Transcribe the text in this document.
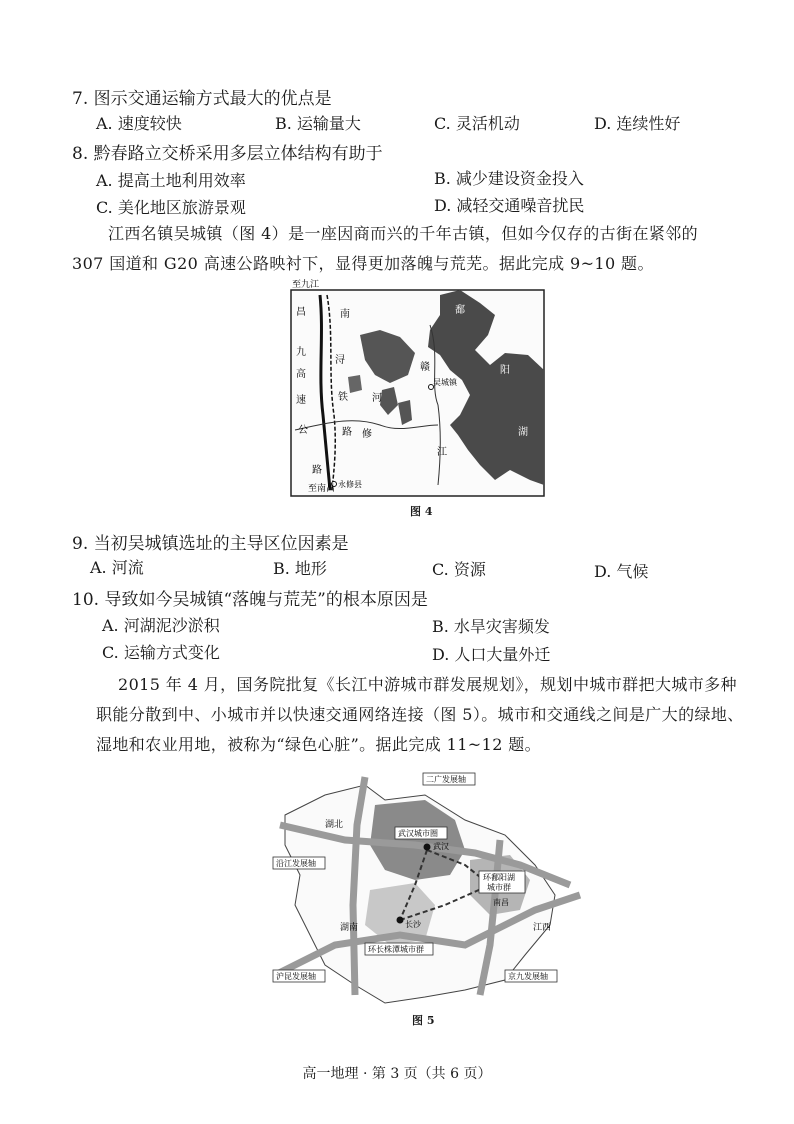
7. 图示交通运输方式最大的优点是
A. 速度较快	B. 运输量大	C. 灵活机动	D. 连续性好
8. 黔春路立交桥采用多层立体结构有助于
A. 提高土地利用效率	B. 减少建设资金投入
C. 美化地区旅游景观	D. 减轻交通噪音扰民
江西名镇吴城镇（图 4）是一座因商而兴的千年古镇，但如今仅存的古街在紧邻的
307 国道和 G20 高速公路映衬下，显得更加落魄与荒芜。据此完成 9~10 题。
至九江
至南昌 永修县
吴城镇
昌
九
高
速
公
路
南
浔
铁
路 修
河
赣
江
鄱
阳
湖
图 4
9. 当初吴城镇选址的主导区位因素是
A. 河流	B. 地形	C. 资源	D. 气候
10. 导致如今吴城镇“落魄与荒芜”的根本原因是
A. 河湖泥沙淤积	B. 水旱灾害频发
C. 运输方式变化	D. 人口大量外迁
2015 年 4 月，国务院批复《长江中游城市群发展规划》，规划中城市群把大城市多种
职能分散到中、小城市并以快速交通网络连接（图 5）。城市和交通线之间是广大的绿地、
湿地和农业用地，被称为“绿色心脏”。据此完成 11~12 题。
二广发展轴
湖北
武汉城市圈
武汉
沿江发展轴
环鄱阳湖
城市群
南昌
湖南	长沙	江西
环长株潭城市群
沪昆发展轴	京九发展轴
图 5
高一地理 · 第 3 页（共 6 页）
